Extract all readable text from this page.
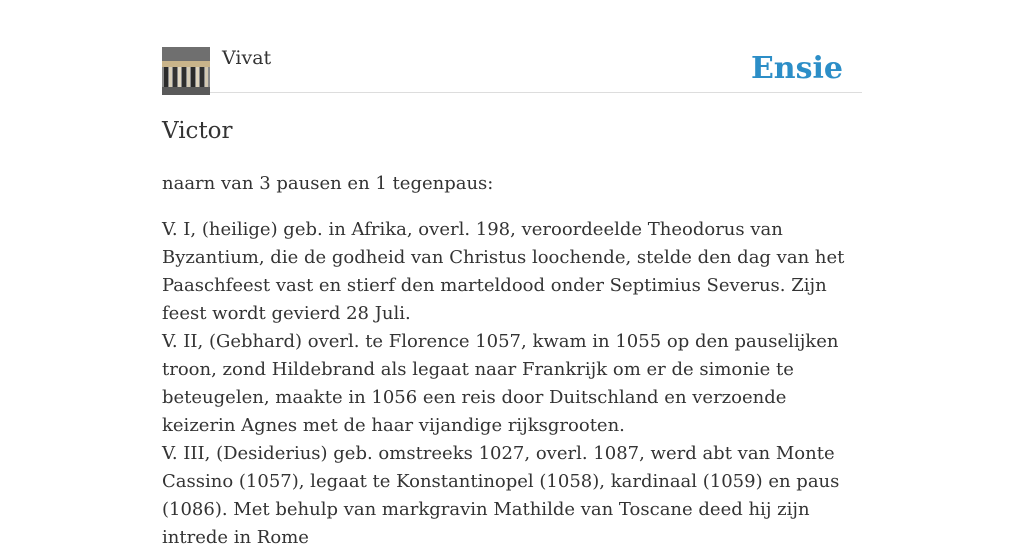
Vivat	Ensie
Victor

naarn van 3 pausen en 1 tegenpaus:

V. I, (heilige) geb. in Afrika, overl. 198, veroordeelde Theodorus van Byzantium, die de godheid van Christus loochende, stelde den dag van het Paaschfeest vast en stierf den marteldood onder Septimius Severus. Zijn feest wordt gevierd 28 Juli.
V. II, (Gebhard) overl. te Florence 1057, kwam in 1055 op den pauselijken troon, zond Hildebrand als legaat naar Frankrijk om er de simonie te beteugelen, maakte in 1056 een reis door Duitschland en verzoende keizerin Agnes met de haar vijandige rijksgrooten.
V. III, (Desiderius) geb. omstreeks 1027, overl. 1087, werd abt van Monte Cassino (1057), legaat te Konstantinopel (1058), kardinaal (1059) en paus (1086). Met behulp van markgravin Mathilde van Toscane deed hij zijn intrede in Rome
